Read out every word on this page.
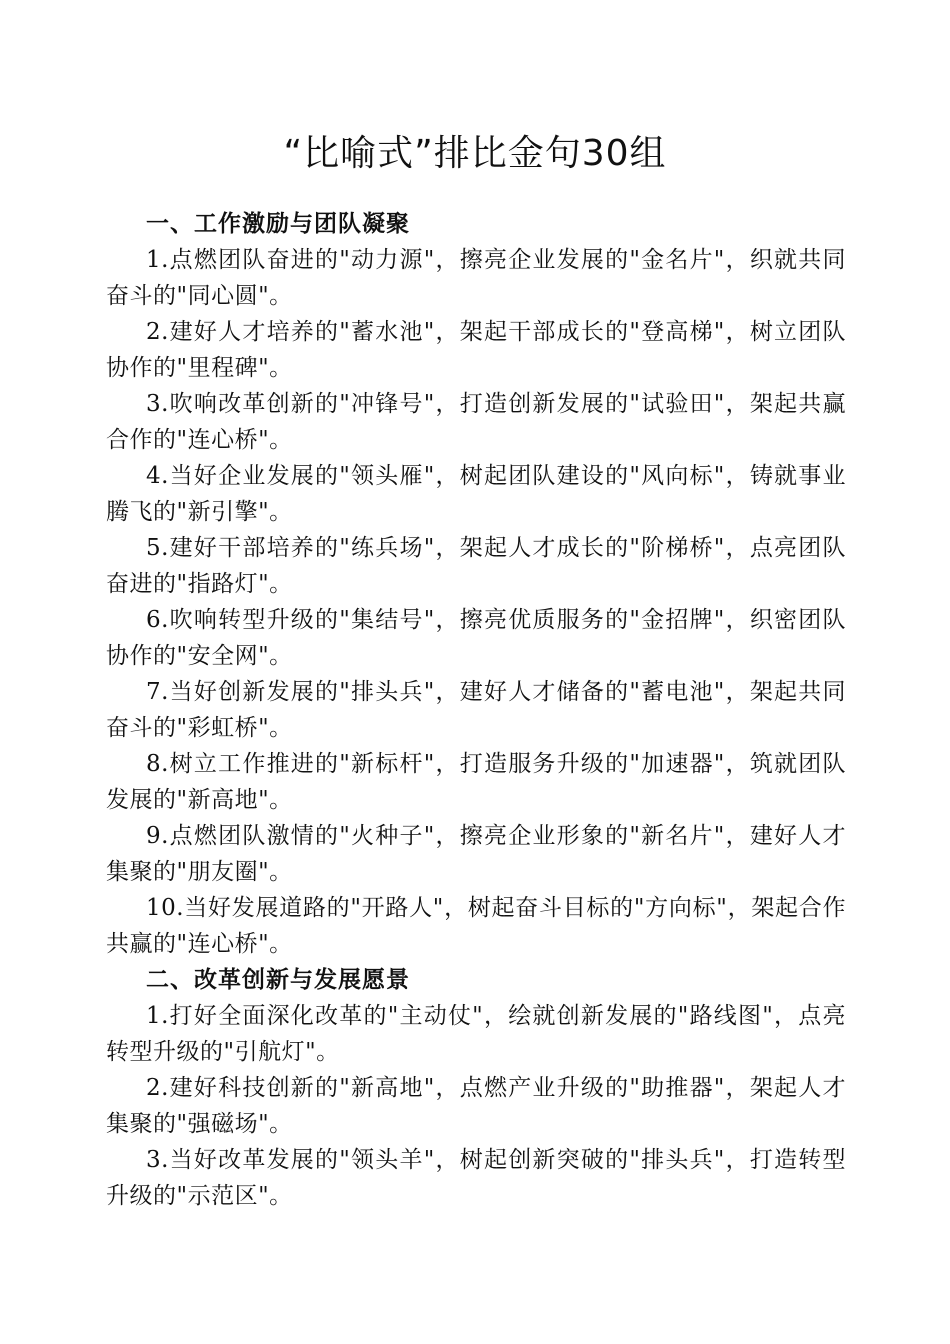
“比喻式”排比金句30组

一、工作激励与团队凝聚

1.点燃团队奋进的"动力源"，擦亮企业发展的"金名片"，织就共同奋斗的"同心圆"。

2.建好人才培养的"蓄水池"，架起干部成长的"登高梯"，树立团队协作的"里程碑"。

3.吹响改革创新的"冲锋号"，打造创新发展的"试验田"，架起共赢合作的"连心桥"。

4.当好企业发展的"领头雁"，树起团队建设的"风向标"，铸就事业腾飞的"新引擎"。

5.建好干部培养的"练兵场"，架起人才成长的"阶梯桥"，点亮团队奋进的"指路灯"。

6.吹响转型升级的"集结号"，擦亮优质服务的"金招牌"，织密团队协作的"安全网"。

7.当好创新发展的"排头兵"，建好人才储备的"蓄电池"，架起共同奋斗的"彩虹桥"。

8.树立工作推进的"新标杆"，打造服务升级的"加速器"，筑就团队发展的"新高地"。

9.点燃团队激情的"火种子"，擦亮企业形象的"新名片"，建好人才集聚的"朋友圈"。

10.当好发展道路的"开路人"，树起奋斗目标的"方向标"，架起合作共赢的"连心桥"。

二、改革创新与发展愿景

1.打好全面深化改革的"主动仗"，绘就创新发展的"路线图"，点亮转型升级的"引航灯"。

2.建好科技创新的"新高地"，点燃产业升级的"助推器"，架起人才集聚的"强磁场"。

3.当好改革发展的"领头羊"，树起创新突破的"排头兵"，打造转型升级的"示范区"。
